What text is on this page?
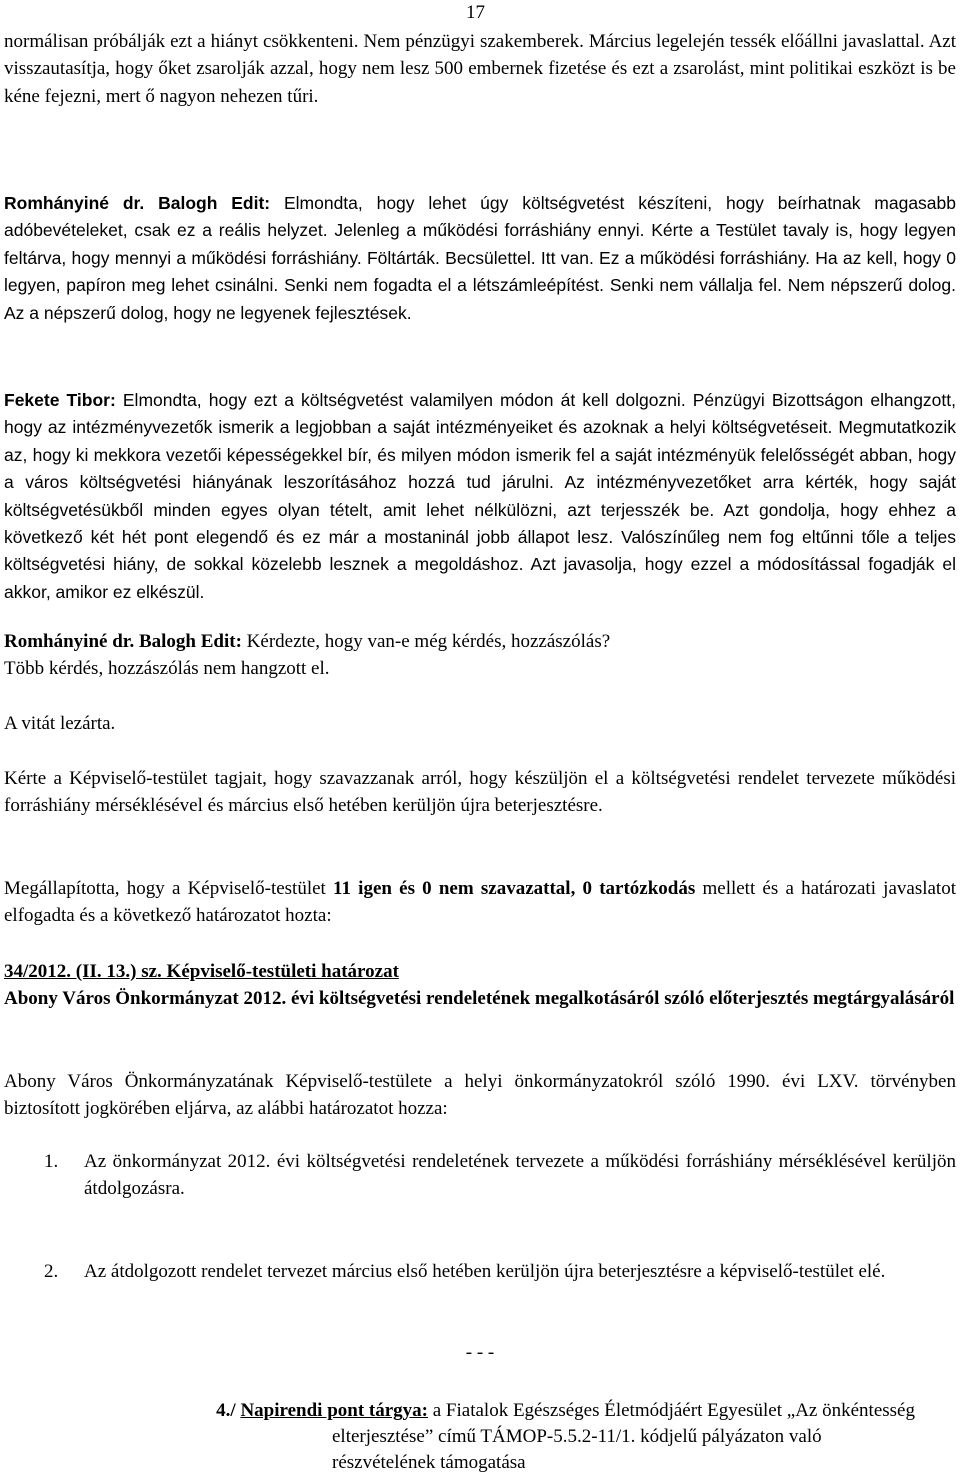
17

normálisan próbálják ezt a hiányt csökkenteni. Nem pénzügyi szakemberek. Március legelején tessék előállni javaslattal. Azt visszautasítja, hogy őket zsarolják azzal, hogy nem lesz 500 embernek fizetése és ezt a zsarolást, mint politikai eszközt is be kéne fejezni, mert ő nagyon nehezen tűri.

Romhányiné dr. Balogh Edit: Elmondta, hogy lehet úgy költségvetést készíteni, hogy beírhatnak magasabb adóbevételeket, csak ez a reális helyzet. Jelenleg a működési forráshiány ennyi. Kérte a Testület tavaly is, hogy legyen feltárva, hogy mennyi a működési forráshiány. Föltárták. Becsülettel. Itt van. Ez a működési forráshiány. Ha az kell, hogy 0 legyen, papíron meg lehet csinálni. Senki nem fogadta el a létszámleépítést. Senki nem vállalja fel. Nem népszerű dolog. Az a népszerű dolog, hogy ne legyenek fejlesztések.

Fekete Tibor: Elmondta, hogy ezt a költségvetést valamilyen módon át kell dolgozni. Pénzügyi Bizottságon elhangzott, hogy az intézményvezetők ismerik a legjobban a saját intézményeiket és azoknak a helyi költségvetéseit. Megmutatkozik az, hogy ki mekkora vezetői képességekkel bír, és milyen módon ismerik fel a saját intézményük felelősségét abban, hogy a város költségvetési hiányának leszorításához hozzá tud járulni. Az intézményvezetőket arra kérték, hogy saját költségvetésükből minden egyes olyan tételt, amit lehet nélkülözni, azt terjesszék be. Azt gondolja, hogy ehhez a következő két hét pont elegendő és ez már a mostaninál jobb állapot lesz. Valószínűleg nem fog eltűnni tőle a teljes költségvetési hiány, de sokkal közelebb lesznek a megoldáshoz. Azt javasolja, hogy ezzel a módosítással fogadják el akkor, amikor ez elkészül.

Romhányiné dr. Balogh Edit: Kérdezte, hogy van-e még kérdés, hozzászólás?
Több kérdés, hozzászólás nem hangzott el.

A vitát lezárta.

Kérte a Képviselő-testület tagjait, hogy szavazzanak arról, hogy készüljön el a költségvetési rendelet tervezete működési forráshiány mérséklésével és március első hetében kerüljön újra beterjesztésre.

Megállapította, hogy a Képviselő-testület 11 igen és 0 nem szavazattal, 0 tartózkodás mellett és a határozati javaslatot elfogadta és a következő határozatot hozta:

34/2012. (II. 13.) sz. Képviselő-testületi határozat

Abony Város Önkormányzat 2012. évi költségvetési rendeletének megalkotásáról szóló előterjesztés megtárgyalásáról

Abony Város Önkormányzatának Képviselő-testülete a helyi önkormányzatokról szóló 1990. évi LXV. törvényben biztosított jogkörében eljárva, az alábbi határozatot hozza:

1. Az önkormányzat 2012. évi költségvetési rendeletének tervezete a működési forráshiány mérséklésével kerüljön átdolgozásra.

2. Az átdolgozott rendelet tervezet március első hetében kerüljön újra beterjesztésre a képviselő-testület elé.

- - -

4./ Napirendi pont tárgya: a Fiatalok Egészséges Életmódjáért Egyesület „Az önkéntesség
elterjesztése” című TÁMOP-5.5.2-11/1. kódjelű pályázaton való
részvételének támogatása
